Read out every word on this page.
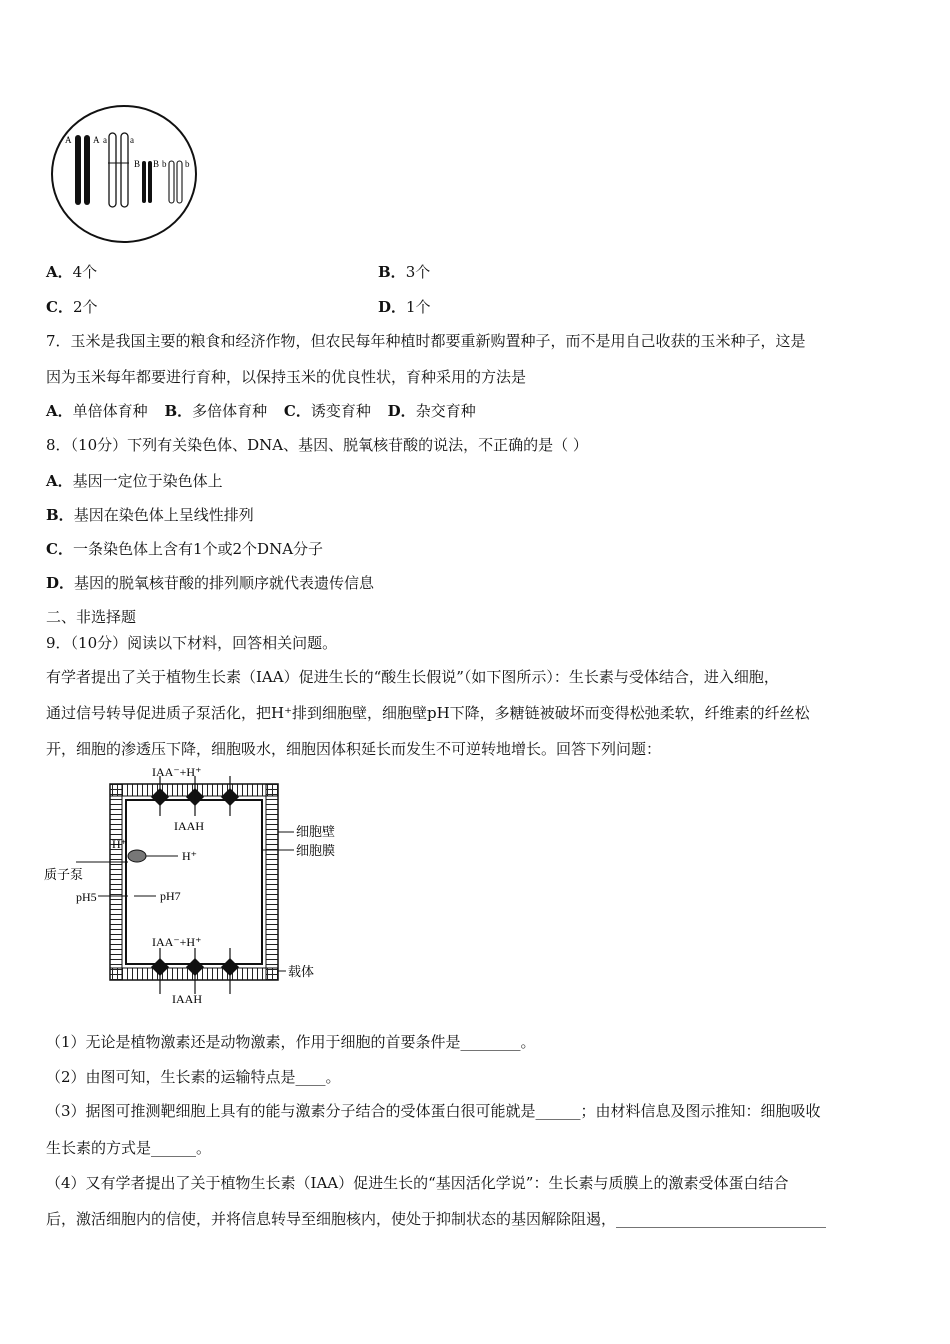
A A a	a
B B b b
A．4个	B．3个
C．2个	D．1个
7．玉米是我国主要的粮食和经济作物，但农民每年种植时都要重新购置种子，而不是用自己收获的玉米种子，这是
因为玉米每年都要进行育种，以保持玉米的优良性状，育种采用的方法是
A．单倍体育种 B．多倍体育种 C．诱变育种 D．杂交育种
8．（10分）下列有关染色体、DNA、基因、脱氧核苷酸的说法，不正确的是（ ）
A．基因一定位于染色体上
B．基因在染色体上呈线性排列
C．一条染色体上含有1个或2个DNA分子
D．基因的脱氧核苷酸的排列顺序就代表遗传信息
二、非选择题
9．（10分）阅读以下材料，回答相关问题。
有学者提出了关于植物生长素（IAA）促进生长的“酸生长假说”（如下图所示）：生长素与受体结合，进入细胞，
通过信号转导促进质子泵活化，把H⁺排到细胞壁，细胞壁pH下降，多糖链被破坏而变得松弛柔软，纤维素的纤丝松
开，细胞的渗透压下降，细胞吸水，细胞因体积延长而发生不可逆转地增长。回答下列问题：
IAA⁻+H⁺
IAAH
H⁺
H⁺
质子泵
pH5	pH7
细胞壁
细胞膜
IAA⁻+H⁺
载体
IAAH
（1）无论是植物激素还是动物激素，作用于细胞的首要条件是________。
（2）由图可知，生长素的运输特点是____。
（3）据图可推测靶细胞上具有的能与激素分子结合的受体蛋白很可能就是______；由材料信息及图示推知：细胞吸收
生长素的方式是______。
（4）又有学者提出了关于植物生长素（IAA）促进生长的“基因活化学说”：生长素与质膜上的激素受体蛋白结合
后，激活细胞内的信使，并将信息转导至细胞核内，使处于抑制状态的基因解除阻遏，____________________________
